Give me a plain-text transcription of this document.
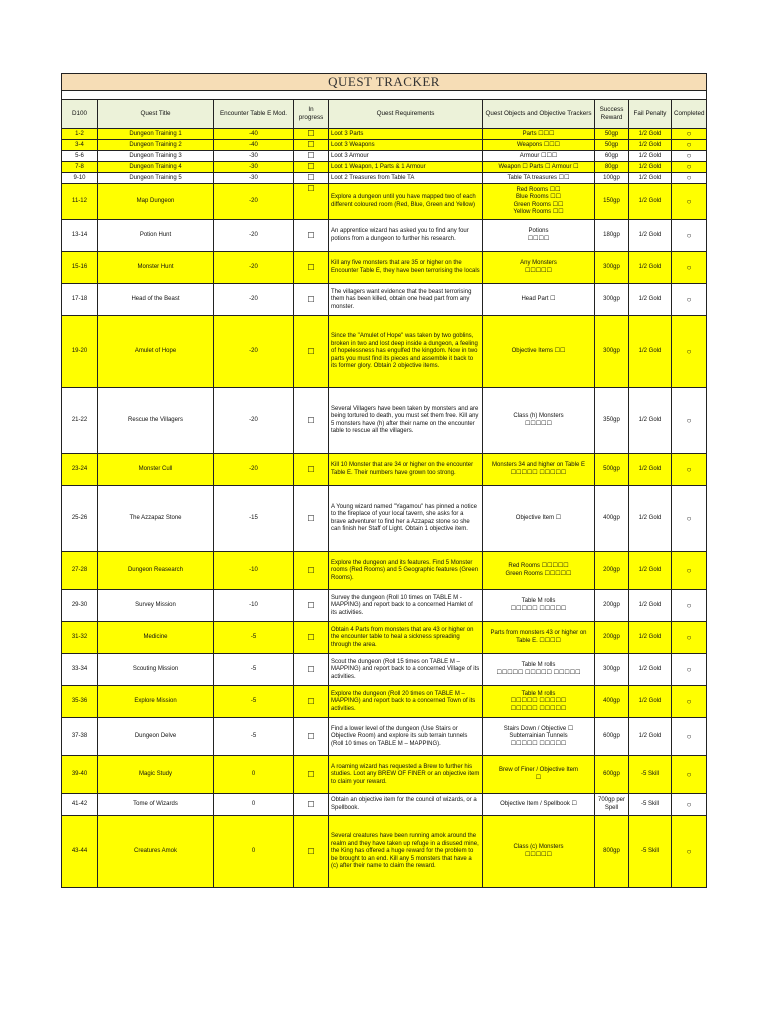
QUEST TRACKER								

D100	Quest Title	Encounter Table E Mod.	In progress	Quest Requirements	Quest Objects and Objective Trackers	Success Reward	Fail Penalty	Completed
1-2	Dungeon Training 1	-40	☐	Loot 3 Parts	Parts ☐☐☐	50gp	1/2 Gold	○
3-4	Dungeon Training 2	-40	☐	Loot 3 Weapons	Weapons ☐☐☐	50gp	1/2 Gold	○
5-6	Dungeon Training 3	-30	☐	Loot 3 Armour	Armour ☐☐☐	60gp	1/2 Gold	○
7-8	Dungeon Training 4	-30	☐	Loot 1 Weapon, 1 Parts & 1 Armour	Weapon ☐ Parts ☐ Armour ☐	80gp	1/2 Gold	○
9-10	Dungeon Training 5	-30	☐	Loot 2 Treasures from Table TA	Table TA treasures ☐☐	100gp	1/2 Gold	○
11-12	Map Dungeon	-20	☐	Explore a dungeon until you have mapped two of each different coloured room (Red, Blue, Green and Yellow)	Red Rooms ☐☐
Blue Rooms ☐☐
Green Rooms ☐☐
Yellow Rooms ☐☐	150gp	1/2 Gold	○
13-14	Potion Hunt	-20	☐	An apprentice wizard has asked you to find any four potions from a dungeon to further his research.	Potions
☐☐☐☐	180gp	1/2 Gold	○
15-16	Monster Hunt	-20	☐	Kill any five monsters that are 35 or higher on the Encounter Table E, they have been terrorising the locals	Any Monsters
☐☐☐☐☐	300gp	1/2 Gold	○
17-18	Head of the Beast	-20	☐	The villagers want evidence that the beast terrorising them has been killed, obtain one head part from any monster.	Head Part ☐	300gp	1/2 Gold	○
19-20	Amulet of Hope	-20	☐	Since the "Amulet of Hope" was taken by two goblins, broken in two and lost deep inside a dungeon, a feeling of hopelessness has engulfed the kingdom. Now in two parts you must find its pieces and assemble it back to its former glory. Obtain 2 objective items.	Objective Items ☐☐	300gp	1/2 Gold	○
21-22	Rescue the Villagers	-20	☐	Several Villagers have been taken by monsters and are being tortured to death, you must set them free. Kill any 5 monsters have (h) after their name on the encounter table to rescue all the villagers.	Class (h) Monsters
☐☐☐☐☐	350gp	1/2 Gold	○
23-24	Monster Cull	-20	☐	Kill 10 Monster that are 34 or higher on the encounter Table E. Their numbers have grown too strong.	Monsters 34 and higher on Table E
☐☐☐☐☐ ☐☐☐☐☐	500gp	1/2 Gold	○
25-26	The Azzapaz Stone	-15	☐	A Young wizard named "Yagamou" has pinned a notice to the fireplace of your local tavern, she asks for a brave adventurer to find her a Azzapaz stone so she can finish her Staff of Light. Obtain 1 objective item.	Objective Item ☐	400gp	1/2 Gold	○
27-28	Dungeon Reasearch	-10	☐	Explore the dungeon and its features. Find 5 Monster rooms (Red Rooms) and 5 Geographic features (Green Rooms).	Red Rooms ☐☐☐☐☐
Green Rooms ☐☐☐☐☐	200gp	1/2 Gold	○
29-30	Survey Mission	-10	☐	Survey the dungeon (Roll 10 times on TABLE M - MAPPING) and report back to a concerned Hamlet of its activities.	Table M rolls
☐☐☐☐☐ ☐☐☐☐☐	200gp	1/2 Gold	○
31-32	Medicine	-5	☐	Obtain 4 Parts from monsters that are 43 or higher on the encounter table to heal a sickness spreading through the area.	Parts from monsters 43 or higher on Table E. ☐☐☐☐	200gp	1/2 Gold	○
33-34	Scouting Mission	-5	☐	Scout the dungeon (Roll 15 times on TABLE M – MAPPING) and report back to a concerned Village of its activities.	Table M rolls
☐☐☐☐☐ ☐☐☐☐☐ ☐☐☐☐☐	300gp	1/2 Gold	○
35-36	Explore Mission	-5	☐	Explore the dungeon (Roll 20 times on TABLE M – MAPPING) and report back to a concerned Town of its activities.	Table M rolls
☐☐☐☐☐ ☐☐☐☐☐
☐☐☐☐☐ ☐☐☐☐☐	400gp	1/2 Gold	○
37-38	Dungeon Delve	-5	☐	Find a lower level of the dungeon (Use Stairs or Objective Room) and explore its sub terrain tunnels (Roll 10 times on TABLE M – MAPPING).	Stairs Down / Objective ☐
Subterrainian Tunnels
☐☐☐☐☐ ☐☐☐☐☐	600gp	1/2 Gold	○
39-40	Magic Study	0	☐	A roaming wizard has requested a Brew to further his studies. Loot any BREW OF FINER or an objective item to claim your reward.	Brew of Finer / Objective Item
☐	600gp	-5 Skill	○
41-42	Tome of Wizards	0	☐	Obtain an objective item for the council of wizards, or a Spellbook.	Objective Item / Spellbook ☐	700gp per Spell	-5 Skill	○
43-44	Creatures Amok	0	☐	Several creatures have been running amok around the realm and they have taken up refuge in a disused mine, the King has offered a huge reward for the problem to be brought to an end. Kill any 5 monsters that have a (c) after their name to claim the reward.	Class (c) Monsters
☐☐☐☐☐	800gp	-5 Skill	○
